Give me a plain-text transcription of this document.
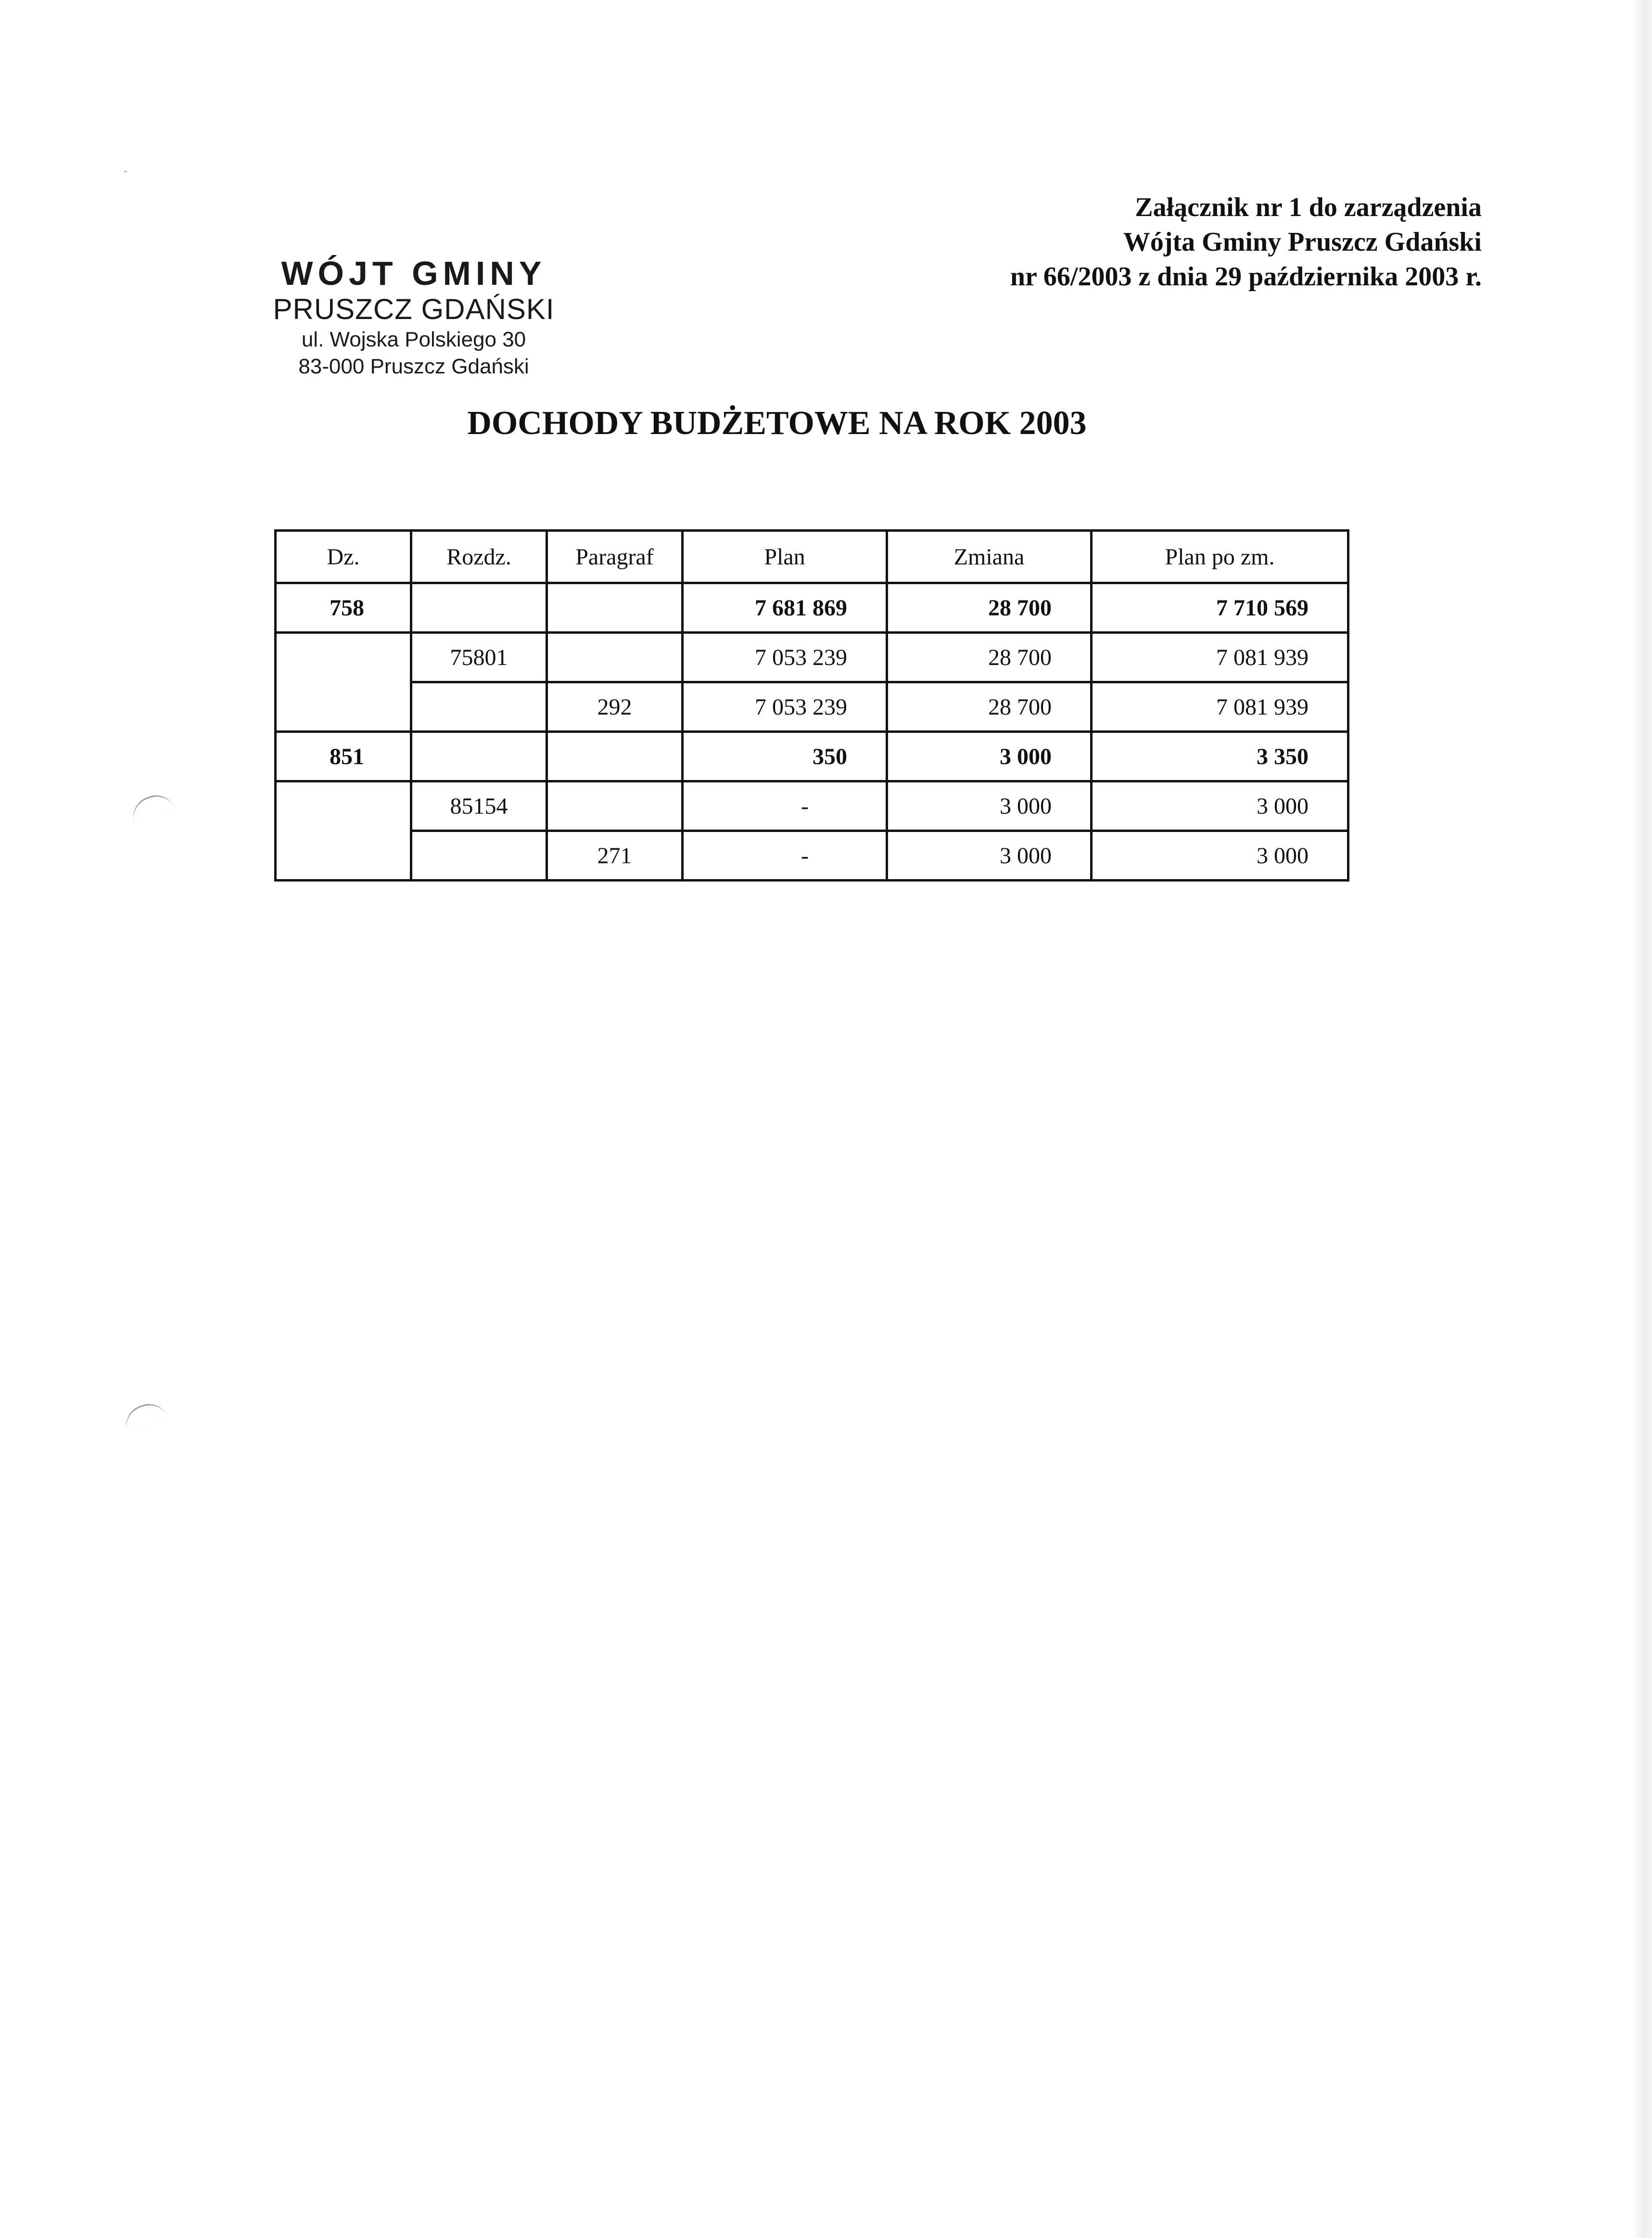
WÓJT GMINY
PRUSZCZ GDAŃSKI
ul. Wojska Polskiego 30
83-000 Pruszcz Gdański
Załącznik nr 1 do zarządzenia
Wójta Gminy Pruszcz Gdański
nr 66/2003 z dnia 29 października 2003 r.
DOCHODY BUDŻETOWE NA ROK 2003
Dz.	Rozdz.	Paragraf	Plan	Zmiana	Plan po zm.
758			7 681 869	28 700	7 710 569
	75801		7 053 239	28 700	7 081 939
		292	7 053 239	28 700	7 081 939
851			350	3 000	3 350
	85154		-	3 000	3 000
		271	-	3 000	3 000
